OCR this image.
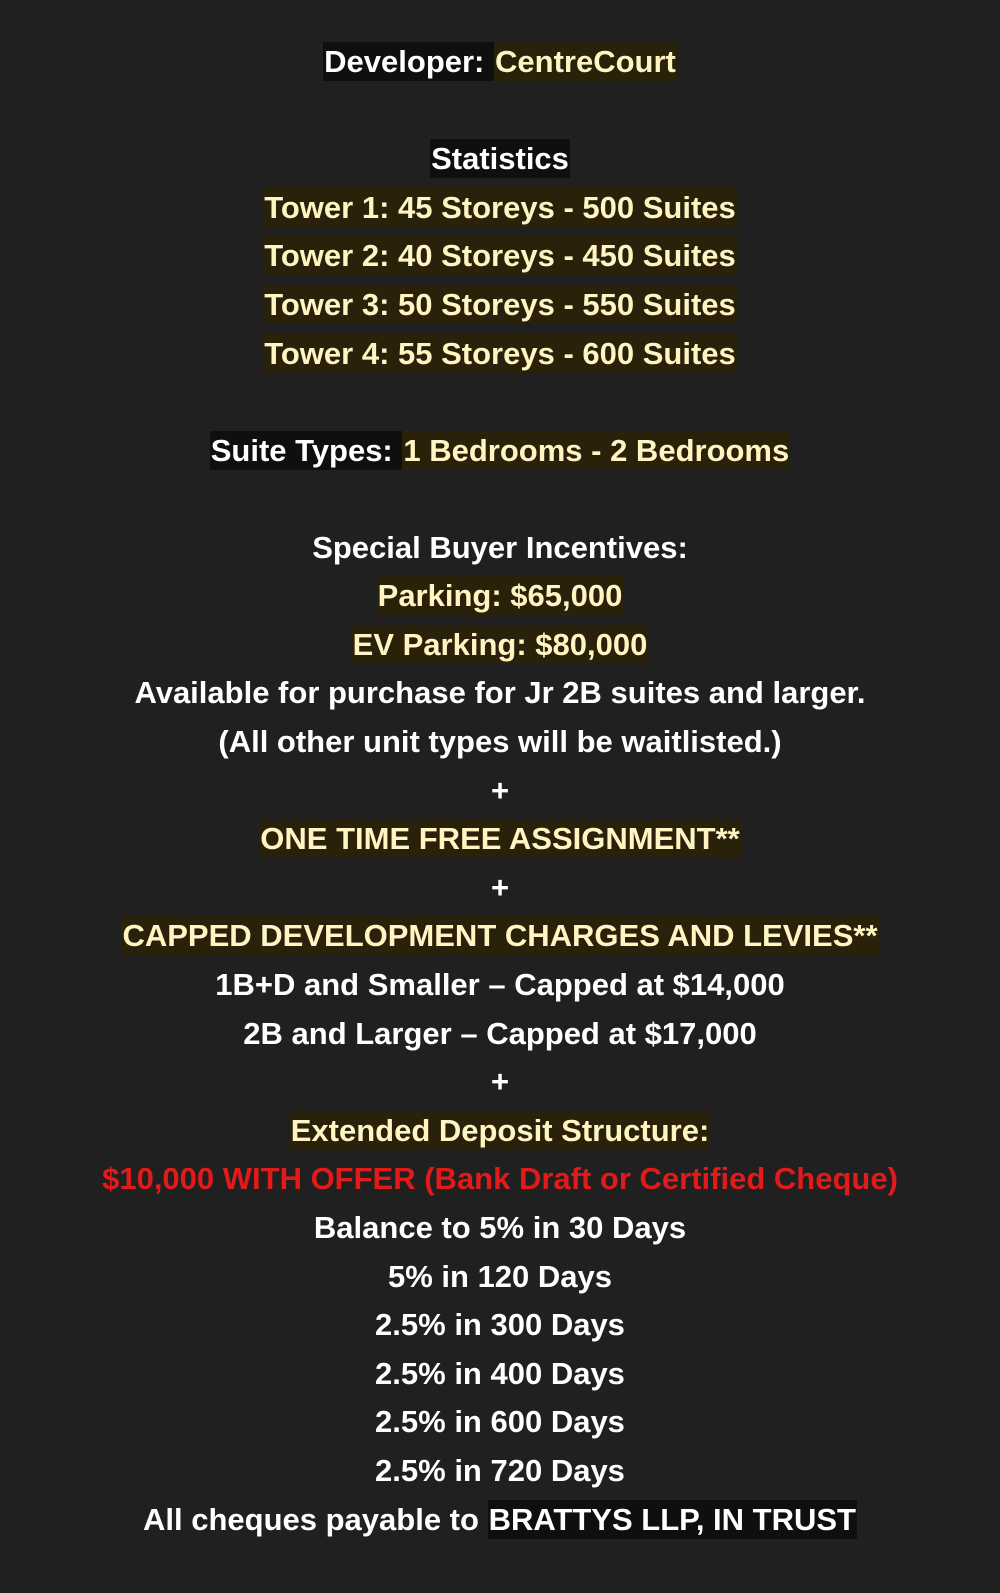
Developer: CentreCourt
Statistics
Tower 1: 45 Storeys - 500 Suites
Tower 2: 40 Storeys - 450 Suites
Tower 3: 50 Storeys - 550 Suites
Tower 4: 55 Storeys - 600 Suites
Suite Types: 1 Bedrooms - 2 Bedrooms
Special Buyer Incentives:
Parking: $65,000
EV Parking: $80,000
Available for purchase for Jr 2B suites and larger.
(All other unit types will be waitlisted.)
+
ONE TIME FREE ASSIGNMENT**
+
CAPPED DEVELOPMENT CHARGES AND LEVIES**
1B+D and Smaller – Capped at $14,000
2B and Larger – Capped at $17,000
+
Extended Deposit Structure:
$10,000 WITH OFFER (Bank Draft or Certified Cheque)
Balance to 5% in 30 Days
5% in 120 Days
2.5% in 300 Days
2.5% in 400 Days
2.5% in 600 Days
2.5% in 720 Days
All cheques payable to BRATTYS LLP, IN TRUST
